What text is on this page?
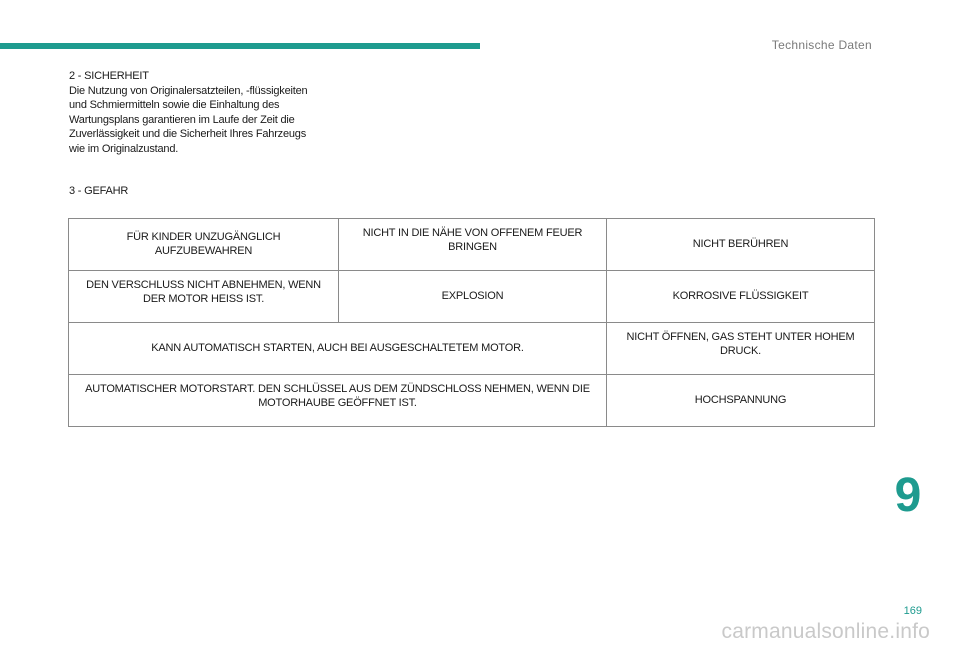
Technische Daten

2 - SICHERHEIT

Die Nutzung von Originalersatzteilen, -flüssigkeiten

und Schmiermitteln sowie die Einhaltung des

Wartungsplans garantieren im Laufe der Zeit die

Zuverlässigkeit und die Sicherheit Ihres Fahrzeugs

wie im Originalzustand.

3 - GEFAHR
FÜR KINDER UNZUGÄNGLICH AUFZUBEWAHREN	NICHT IN DIE NÄHE VON OFFENEM FEUER BRINGEN	NICHT BERÜHREN
DEN VERSCHLUSS NICHT ABNEHMEN, WENN DER MOTOR HEISS IST.	EXPLOSION	KORROSIVE FLÜSSIGKEIT
KANN AUTOMATISCH STARTEN, AUCH BEI AUSGESCHALTETEM MOTOR.		NICHT ÖFFNEN, GAS STEHT UNTER HOHEM DRUCK.
AUTOMATISCHER MOTORSTART. DEN SCHLÜSSEL AUS DEM ZÜNDSCHLOSS NEHMEN, WENN DIE MOTORHAUBE GEÖFFNET IST.		HOCHSPANNUNG
9
169
carmanualsonline.info
